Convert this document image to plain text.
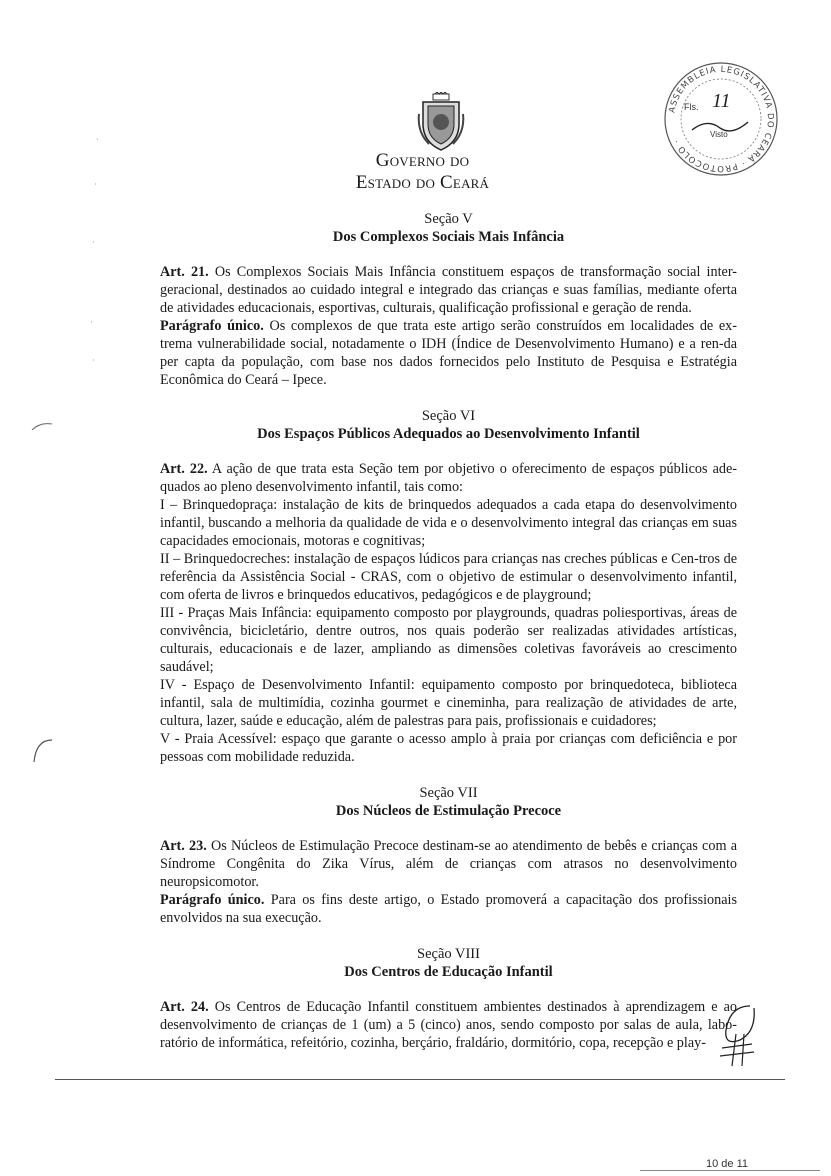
Governo do
Estado do Ceará
ASSEMBLEIA LEGISLATIVA DO CEARÁ · PROTOCOLO ·
Fls. 11
Visto
·
·
·
·
·

Seção V

Dos Complexos Sociais Mais Infância

Art. 21. Os Complexos Sociais Mais Infância constituem espaços de transformação social inter-geracional, destinados ao cuidado integral e integrado das crianças e suas famílias, mediante oferta de atividades educacionais, esportivas, culturais, qualificação profissional e geração de renda.

Parágrafo único. Os complexos de que trata este artigo serão construídos em localidades de ex-trema vulnerabilidade social, notadamente o IDH (Índice de Desenvolvimento Humano) e a ren-da per capta da população, com base nos dados fornecidos pelo Instituto de Pesquisa e Estratégia Econômica do Ceará – Ipece.

Seção VI

Dos Espaços Públicos Adequados ao Desenvolvimento Infantil

Art. 22. A ação de que trata esta Seção tem por objetivo o oferecimento de espaços públicos ade-quados ao pleno desenvolvimento infantil, tais como:

I – Brinquedopraça: instalação de kits de brinquedos adequados a cada etapa do desenvolvimento infantil, buscando a melhoria da qualidade de vida e o desenvolvimento integral das crianças em suas capacidades emocionais, motoras e cognitivas;

II – Brinquedocreches: instalação de espaços lúdicos para crianças nas creches públicas e Cen-tros de referência da Assistência Social - CRAS, com o objetivo de estimular o desenvolvimento infantil, com oferta de livros e brinquedos educativos, pedagógicos e de playground;

III - Praças Mais Infância: equipamento composto por playgrounds, quadras poliesportivas, áreas de convivência, bicicletário, dentre outros, nos quais poderão ser realizadas atividades artísticas, culturais, educacionais e de lazer, ampliando as dimensões coletivas favoráveis ao crescimento saudável;

IV - Espaço de Desenvolvimento Infantil: equipamento composto por brinquedoteca, biblioteca infantil, sala de multimídia, cozinha gourmet e cineminha, para realização de atividades de arte, cultura, lazer, saúde e educação, além de palestras para pais, profissionais e cuidadores;

V - Praia Acessível: espaço que garante o acesso amplo à praia por crianças com deficiência e por pessoas com mobilidade reduzida.

Seção VII

Dos Núcleos de Estimulação Precoce

Art. 23. Os Núcleos de Estimulação Precoce destinam-se ao atendimento de bebês e crianças com a Síndrome Congênita do Zika Vírus, além de crianças com atrasos no desenvolvimento neuropsicomotor.

Parágrafo único. Para os fins deste artigo, o Estado promoverá a capacitação dos profissionais envolvidos na sua execução.

Seção VIII

Dos Centros de Educação Infantil

Art. 24. Os Centros de Educação Infantil constituem ambientes destinados à aprendizagem e ao desenvolvimento de crianças de 1 (um) a 5 (cinco) anos, sendo composto por salas de aula, labo-ratório de informática, refeitório, cozinha, berçário, fraldário, dormitório, copa, recepção e play-

10 de 11
